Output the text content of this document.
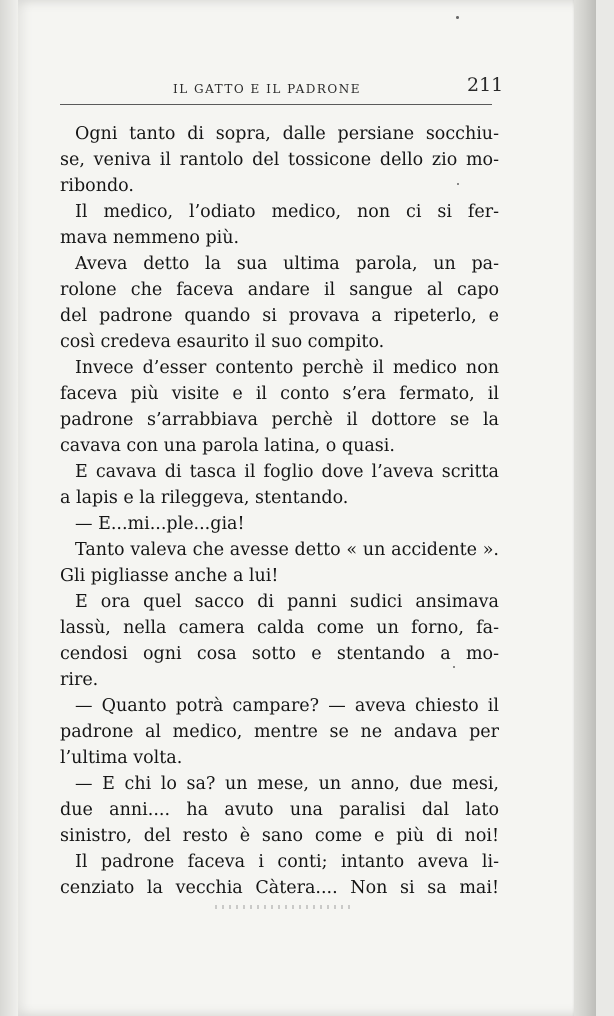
IL GATTO E IL PADRONE	211
Ogni tanto di sopra, dalle persiane socchiu-
se, veniva il rantolo del tossicone dello zio mo-
ribondo.
Il medico, l’odiato medico, non ci si fer-
mava nemmeno più.
Aveva detto la sua ultima parola, un pa-
rolone che faceva andare il sangue al capo
del padrone quando si provava a ripeterlo, e
così credeva esaurito il suo compito.
Invece d’esser contento perchè il medico non
faceva più visite e il conto s’era fermato, il
padrone s’arrabbiava perchè il dottore se la
cavava con una parola latina, o quasi.
E cavava di tasca il foglio dove l’aveva scritta
a lapis e la rileggeva, stentando.
— E...mi...ple...gia!
Tanto valeva che avesse detto « un accidente ».
Gli pigliasse anche a lui!
E ora quel sacco di panni sudici ansimava
lassù, nella camera calda come un forno, fa-
cendosi ogni cosa sotto e stentando a mo-
rire.
— Quanto potrà campare? — aveva chiesto il
padrone al medico, mentre se ne andava per
l’ultima volta.
— E chi lo sa? un mese, un anno, due mesi,
due anni.... ha avuto una paralisi dal lato
sinistro, del resto è sano come e più di noi!
Il padrone faceva i conti; intanto aveva li-
cenziato la vecchia Càtera.... Non si sa mai!
